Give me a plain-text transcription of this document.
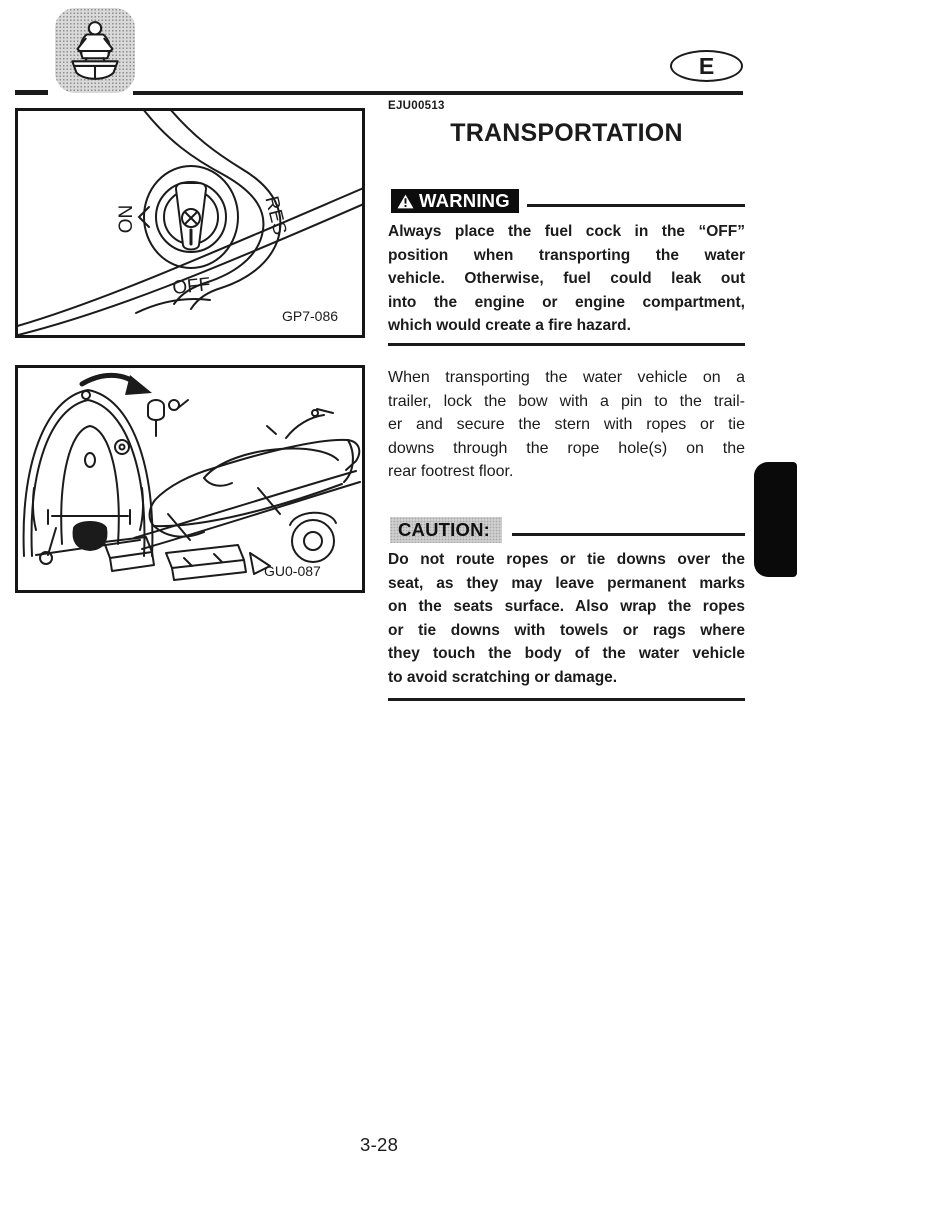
E
ON	RES
OFF
GP7-086
GU0-087
EJU00513
TRANSPORTATION
WARNING
Always place the fuel cock in the “OFF”
position when transporting the water
vehicle. Otherwise, fuel could leak out
into the engine or engine compartment,
which would create a fire hazard.
When transporting the water vehicle on a
trailer, lock the bow with a pin to the trail-
er and secure the stern with ropes or tie
downs through the rope hole(s) on the
rear footrest floor.
CAUTION:
Do not route ropes or tie downs over the
seat, as they may leave permanent marks
on the seats surface. Also wrap the ropes
or tie downs with towels or rags where
they touch the body of the water vehicle
to avoid scratching or damage.
3-28
